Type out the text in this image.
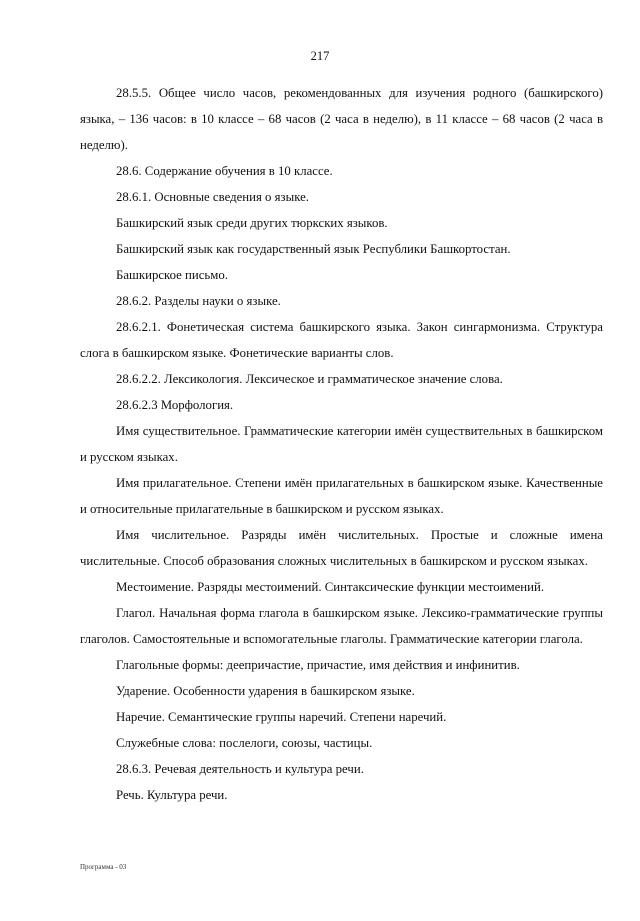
217

28.5.5. Общее число часов, рекомендованных для изучения родного (башкирского) языка, – 136 часов: в 10 классе – 68 часов (2 часа в неделю), в 11 классе – 68 часов (2 часа в неделю).

28.6. Содержание обучения в 10 классе.

28.6.1. Основные сведения о языке.

Башкирский язык среди других тюркских языков.

Башкирский язык как государственный язык Республики Башкортостан.

Башкирское письмо.

28.6.2. Разделы науки о языке.

28.6.2.1. Фонетическая система башкирского языка. Закон сингармонизма. Структура слога в башкирском языке. Фонетические варианты слов.

28.6.2.2. Лексикология. Лексическое и грамматическое значение слова.

28.6.2.3 Морфология.

Имя существительное. Грамматические категории имён существительных в башкирском и русском языках.

Имя прилагательное. Степени имён прилагательных в башкирском языке. Качественные и относительные прилагательные в башкирском и русском языках.

Имя числительное. Разряды имён числительных. Простые и сложные имена числительные. Способ образования сложных числительных в башкирском и русском языках.

Местоимение. Разряды местоимений. Синтаксические функции местоимений.

Глагол. Начальная форма глагола в башкирском языке. Лексико-грамматические группы глаголов. Самостоятельные и вспомогательные глаголы. Грамматические категории глагола.

Глагольные формы: деепричастие, причастие, имя действия и инфинитив.

Ударение. Особенности ударения в башкирском языке.

Наречие. Семантические группы наречий. Степени наречий.

Служебные слова: послелоги, союзы, частицы.

28.6.3. Речевая деятельность и культура речи.

Речь. Культура речи.

Программа - 03
